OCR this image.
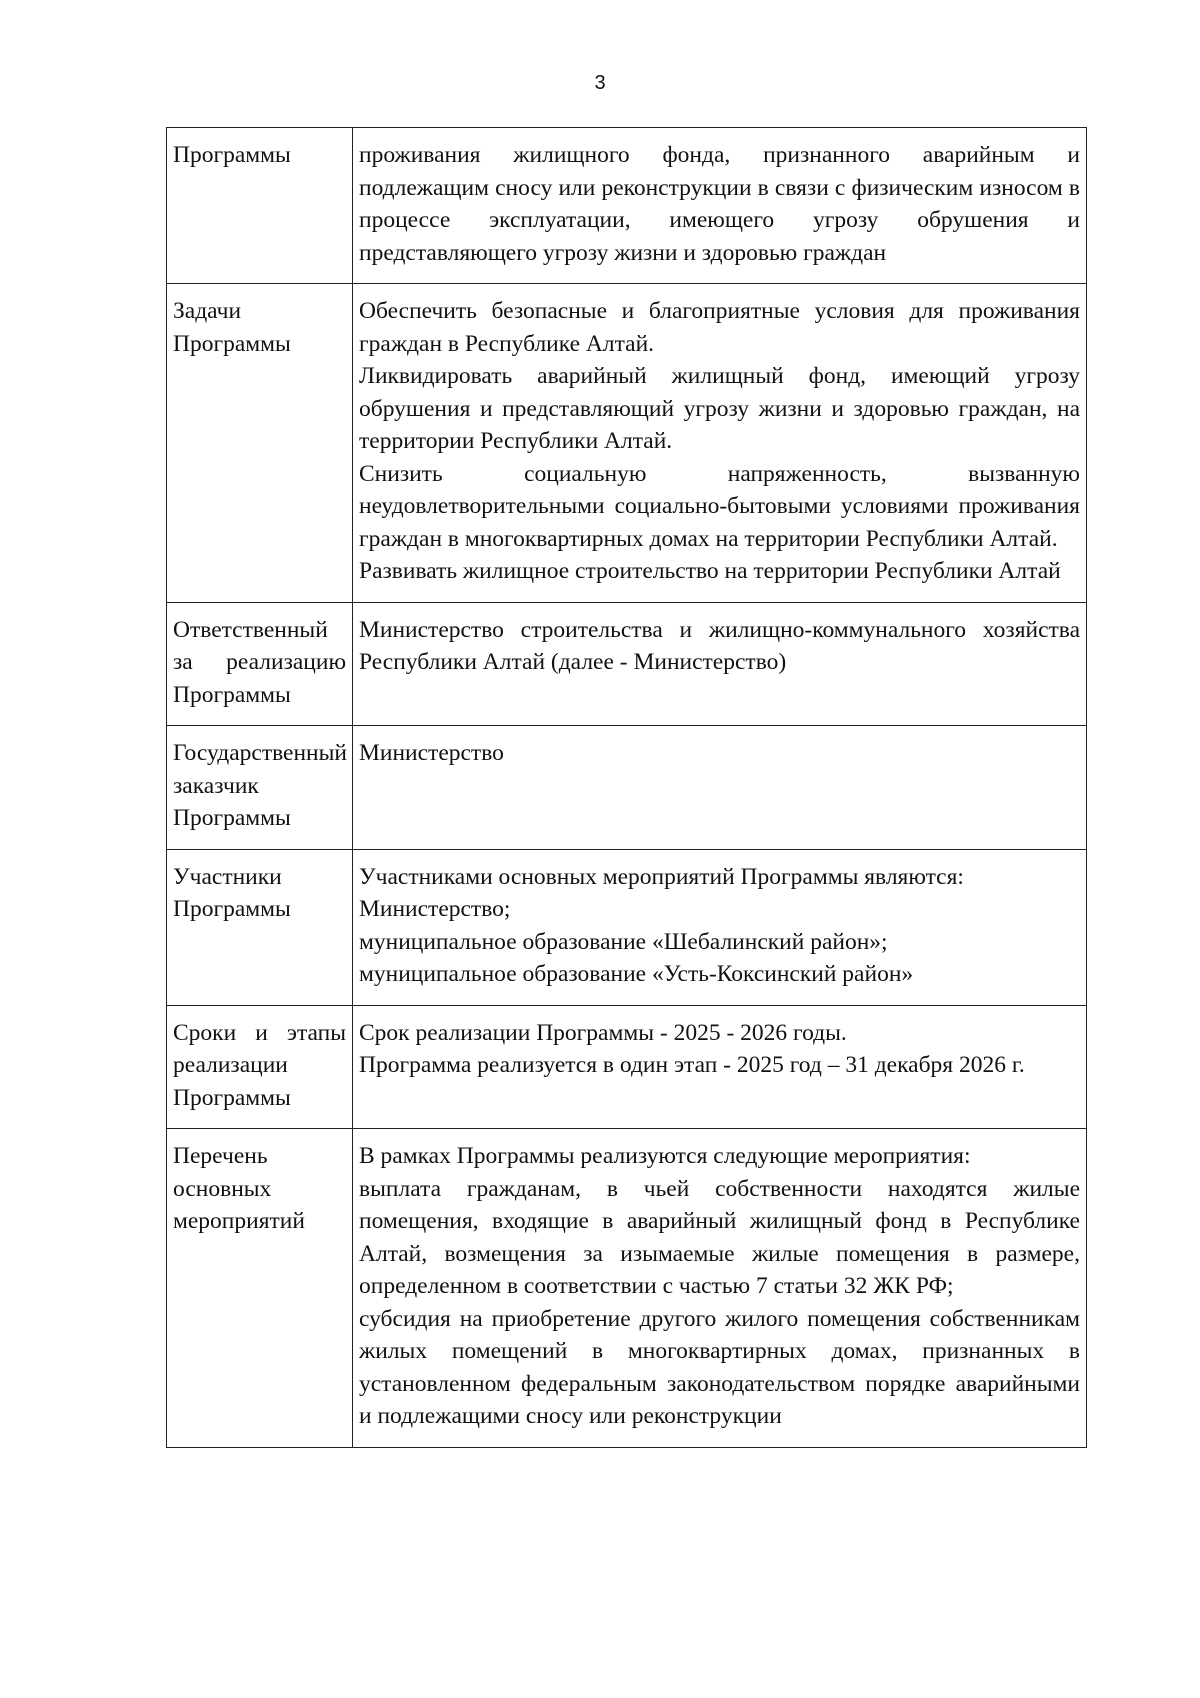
3
Программы	проживания жилищного фонда, признанного аварийным и подлежащим сносу или реконструкции в связи с физическим износом в процессе эксплуатации, имеющего угрозу обрушения и представляющего угрозу жизни и здоровью граждан

Задачи Программы	Обеспечить безопасные и благоприятные условия для проживания граждан в Республике Алтай.
Ликвидировать аварийный жилищный фонд, имеющий угрозу обрушения и представляющий угрозу жизни и здоровью граждан, на территории Республики Алтай.
Снизить социальную напряженность, вызванную неудовлетворительными социально-бытовыми условиями проживания граждан в многоквартирных домах на территории Республики Алтай.
Развивать жилищное строительство на территории Республики Алтай

Ответственный за реализацию Программы	Министерство строительства и жилищно-коммунального хозяйства Республики Алтай (далее - Министерство)

Государственный заказчик Программы	Министерство

Участники Программы	Участниками основных мероприятий Программы являются:
Министерство;
муниципальное образование «Шебалинский район»;
муниципальное образование «Усть-Коксинский район»

Сроки и этапы реализации Программы	Срок реализации Программы - 2025 - 2026 годы.
Программа реализуется в один этап - 2025 год – 31 декабря 2026 г.

Перечень основных мероприятий	В рамках Программы реализуются следующие мероприятия:
выплата гражданам, в чьей собственности находятся жилые помещения, входящие в аварийный жилищный фонд в Республике Алтай, возмещения за изымаемые жилые помещения в размере, определенном в соответствии с частью 7 статьи 32 ЖК РФ;
субсидия на приобретение другого жилого помещения собственникам жилых помещений в многоквартирных домах, признанных в установленном федеральным законодательством порядке аварийными и подлежащими сносу или реконструкции
